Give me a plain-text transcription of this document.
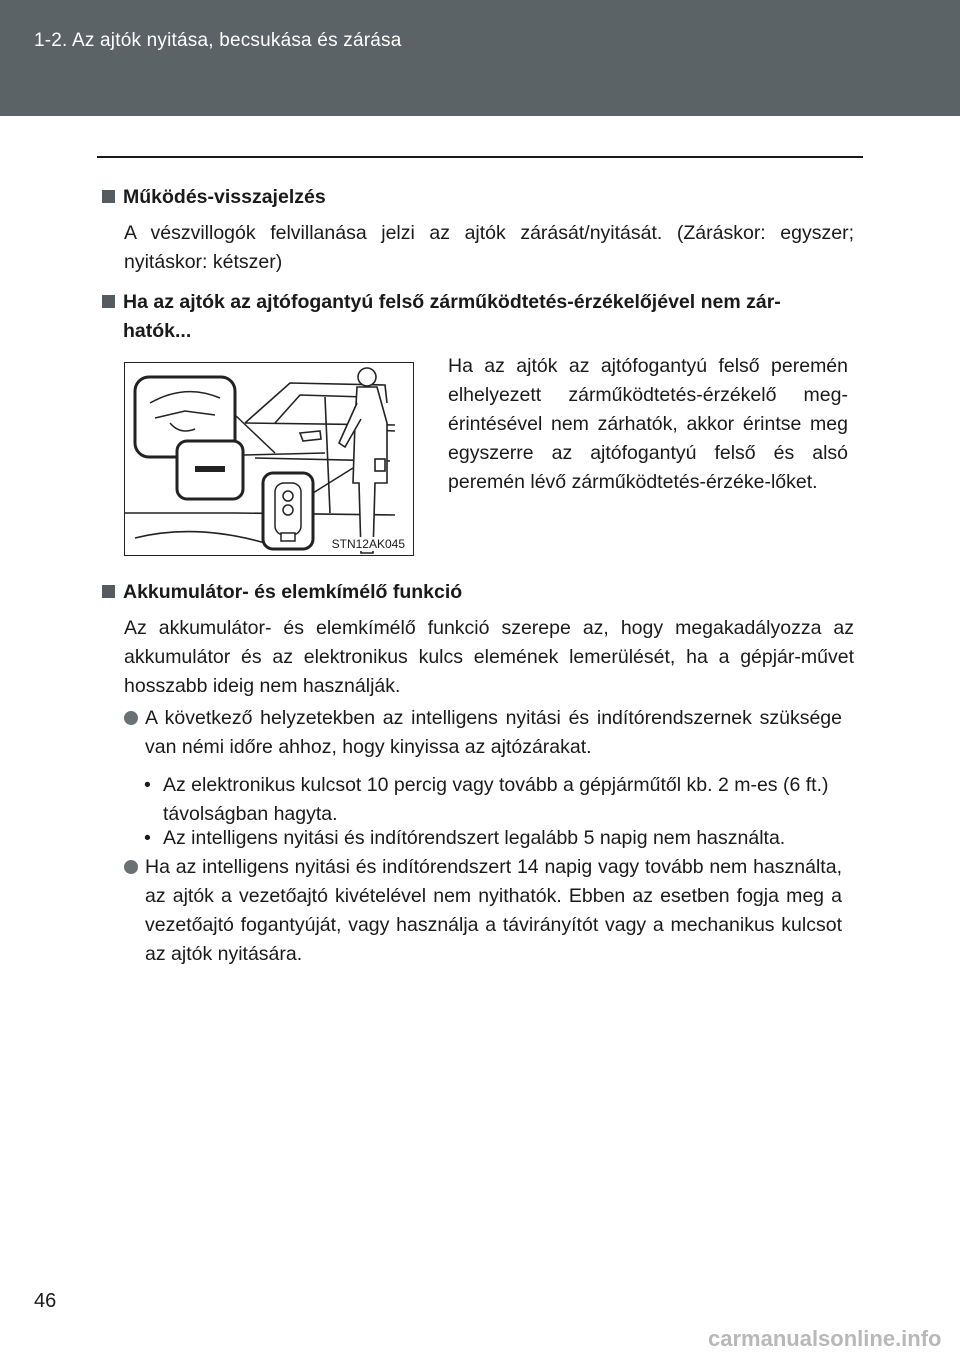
1-2. Az ajtók nyitása, becsukása és zárása
Működés-visszajelzés
A vészvillogók felvillanása jelzi az ajtók zárását/nyitását. (Záráskor: egyszer; nyitáskor: kétszer)
Ha az ajtók az ajtófogantyú felső zárműködtetés-érzékelőjével nem zár-
hatók...
STN12AK045
Ha az ajtók az ajtófogantyú felső peremén elhelyezett zárműködtetés-érzékelő meg-érintésével nem zárhatók, akkor érintse meg egyszerre az ajtófogantyú felső és alsó peremén lévő zárműködtetés-érzéke-lőket.
Akkumulátor- és elemkímélő funkció
Az akkumulátor- és elemkímélő funkció szerepe az, hogy megakadályozza az akkumulátor és az elektronikus kulcs elemének lemerülését, ha a gépjár-művet hosszabb ideig nem használják.
A következő helyzetekben az intelligens nyitási és indítórendszernek szüksége van némi időre ahhoz, hogy kinyissa az ajtózárakat.
• Az elektronikus kulcsot 10 percig vagy tovább a gépjárműtől kb. 2 m-es (6 ft.) távolságban hagyta.
• Az intelligens nyitási és indítórendszert legalább 5 napig nem használta.
Ha az intelligens nyitási és indítórendszert 14 napig vagy tovább nem használta, az ajtók a vezetőajtó kivételével nem nyithatók. Ebben az esetben fogja meg a vezetőajtó fogantyúját, vagy használja a távirányítót vagy a mechanikus kulcsot az ajtók nyitására.
46
carmanualsonline.info
